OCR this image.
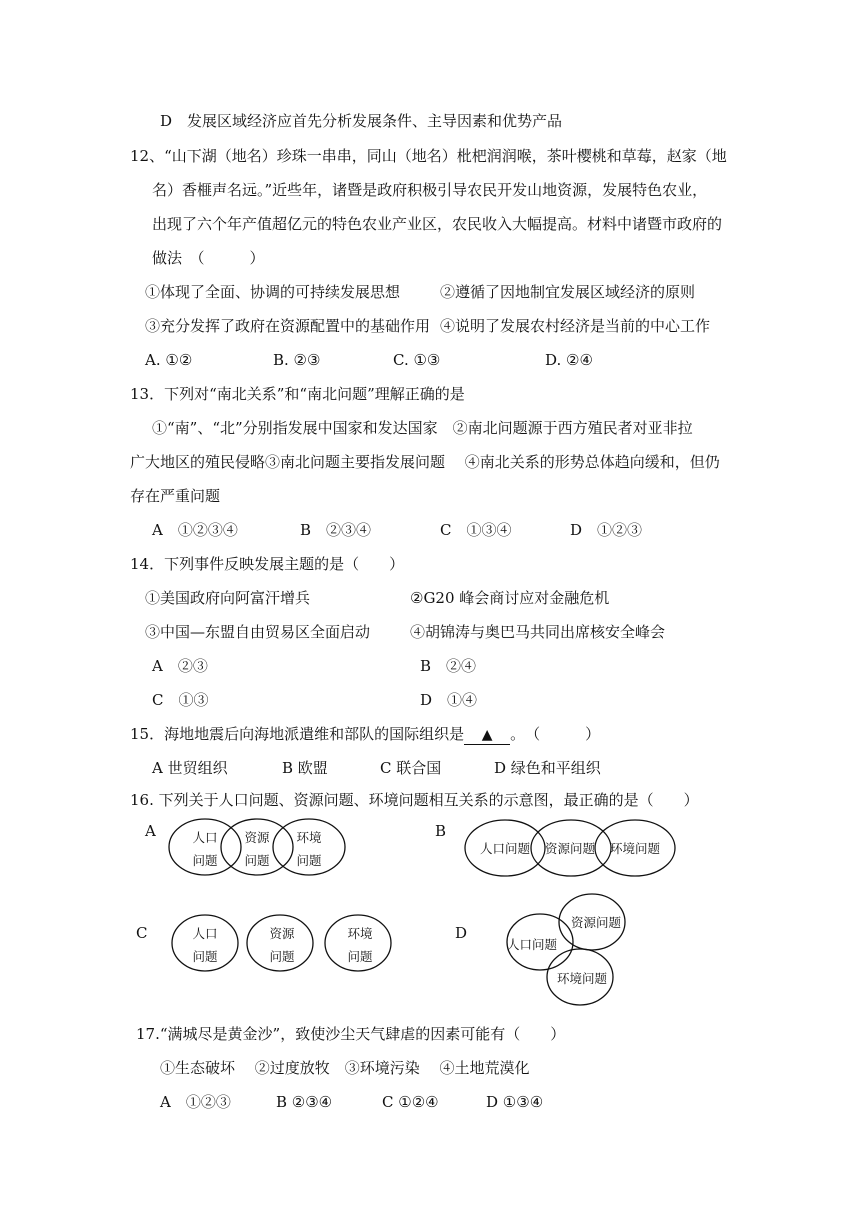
D　发展区域经济应首先分析发展条件、主导因素和优势产品
12、“山下湖（地名）珍珠一串串，同山（地名）枇杷润润喉，茶叶樱桃和草莓，赵家（地
名）香榧声名远。”近些年，诸暨是政府积极引导农民开发山地资源，发展特色农业，
出现了六个年产值超亿元的特色农业产业区，农民收入大幅提高。材料中诸暨市政府的
做法　（　　　）
①体现了全面、协调的可持续发展思想	②遵循了因地制宜发展区域经济的原则
③充分发挥了政府在资源配置中的基础作用 ④说明了发展农村经济是当前的中心工作
A. ①②	B. ②③	C. ①③	D. ②④
13．下列对“南北关系”和“南北问题”理解正确的是
①“南”、“北”分别指发展中国家和发达国家　②南北问题源于西方殖民者对亚非拉
广大地区的殖民侵略③南北问题主要指发展问题　 ④南北关系的形势总体趋向缓和，但仍
存在严重问题
A　①②③④	B　②③④	C　①③④	D　①②③
14．下列事件反映发展主题的是（　　）
①美国政府向阿富汗增兵	②G20 峰会商讨应对金融危机
③中国—东盟自由贸易区全面启动	④胡锦涛与奥巴马共同出席核安全峰会
A　②③	B　②④
C　①③	D　①④
15．海地地震后向海地派遣维和部队的国际组织是 ▲ 。　（　　　）
A 世贸组织	B 欧盟	C 联合国	D 绿色和平组织
16. 下列关于人口问题、资源问题、环境问题相互关系的示意图，最正确的是（　　）
A	B
C	D
人口
问题
资源
问题
环境
问题
人口问题 资源问题 环境问题
人口
问题
资源
问题
环境
问题
资源问题
人口问题
环境问题
17.“满城尽是黄金沙”，致使沙尘天气肆虐的因素可能有（　　）
①生态破坏　 ②过度放牧　③环境污染　 ④土地荒漠化
A　①②③	B ②③④	C ①②④	D ①③④
